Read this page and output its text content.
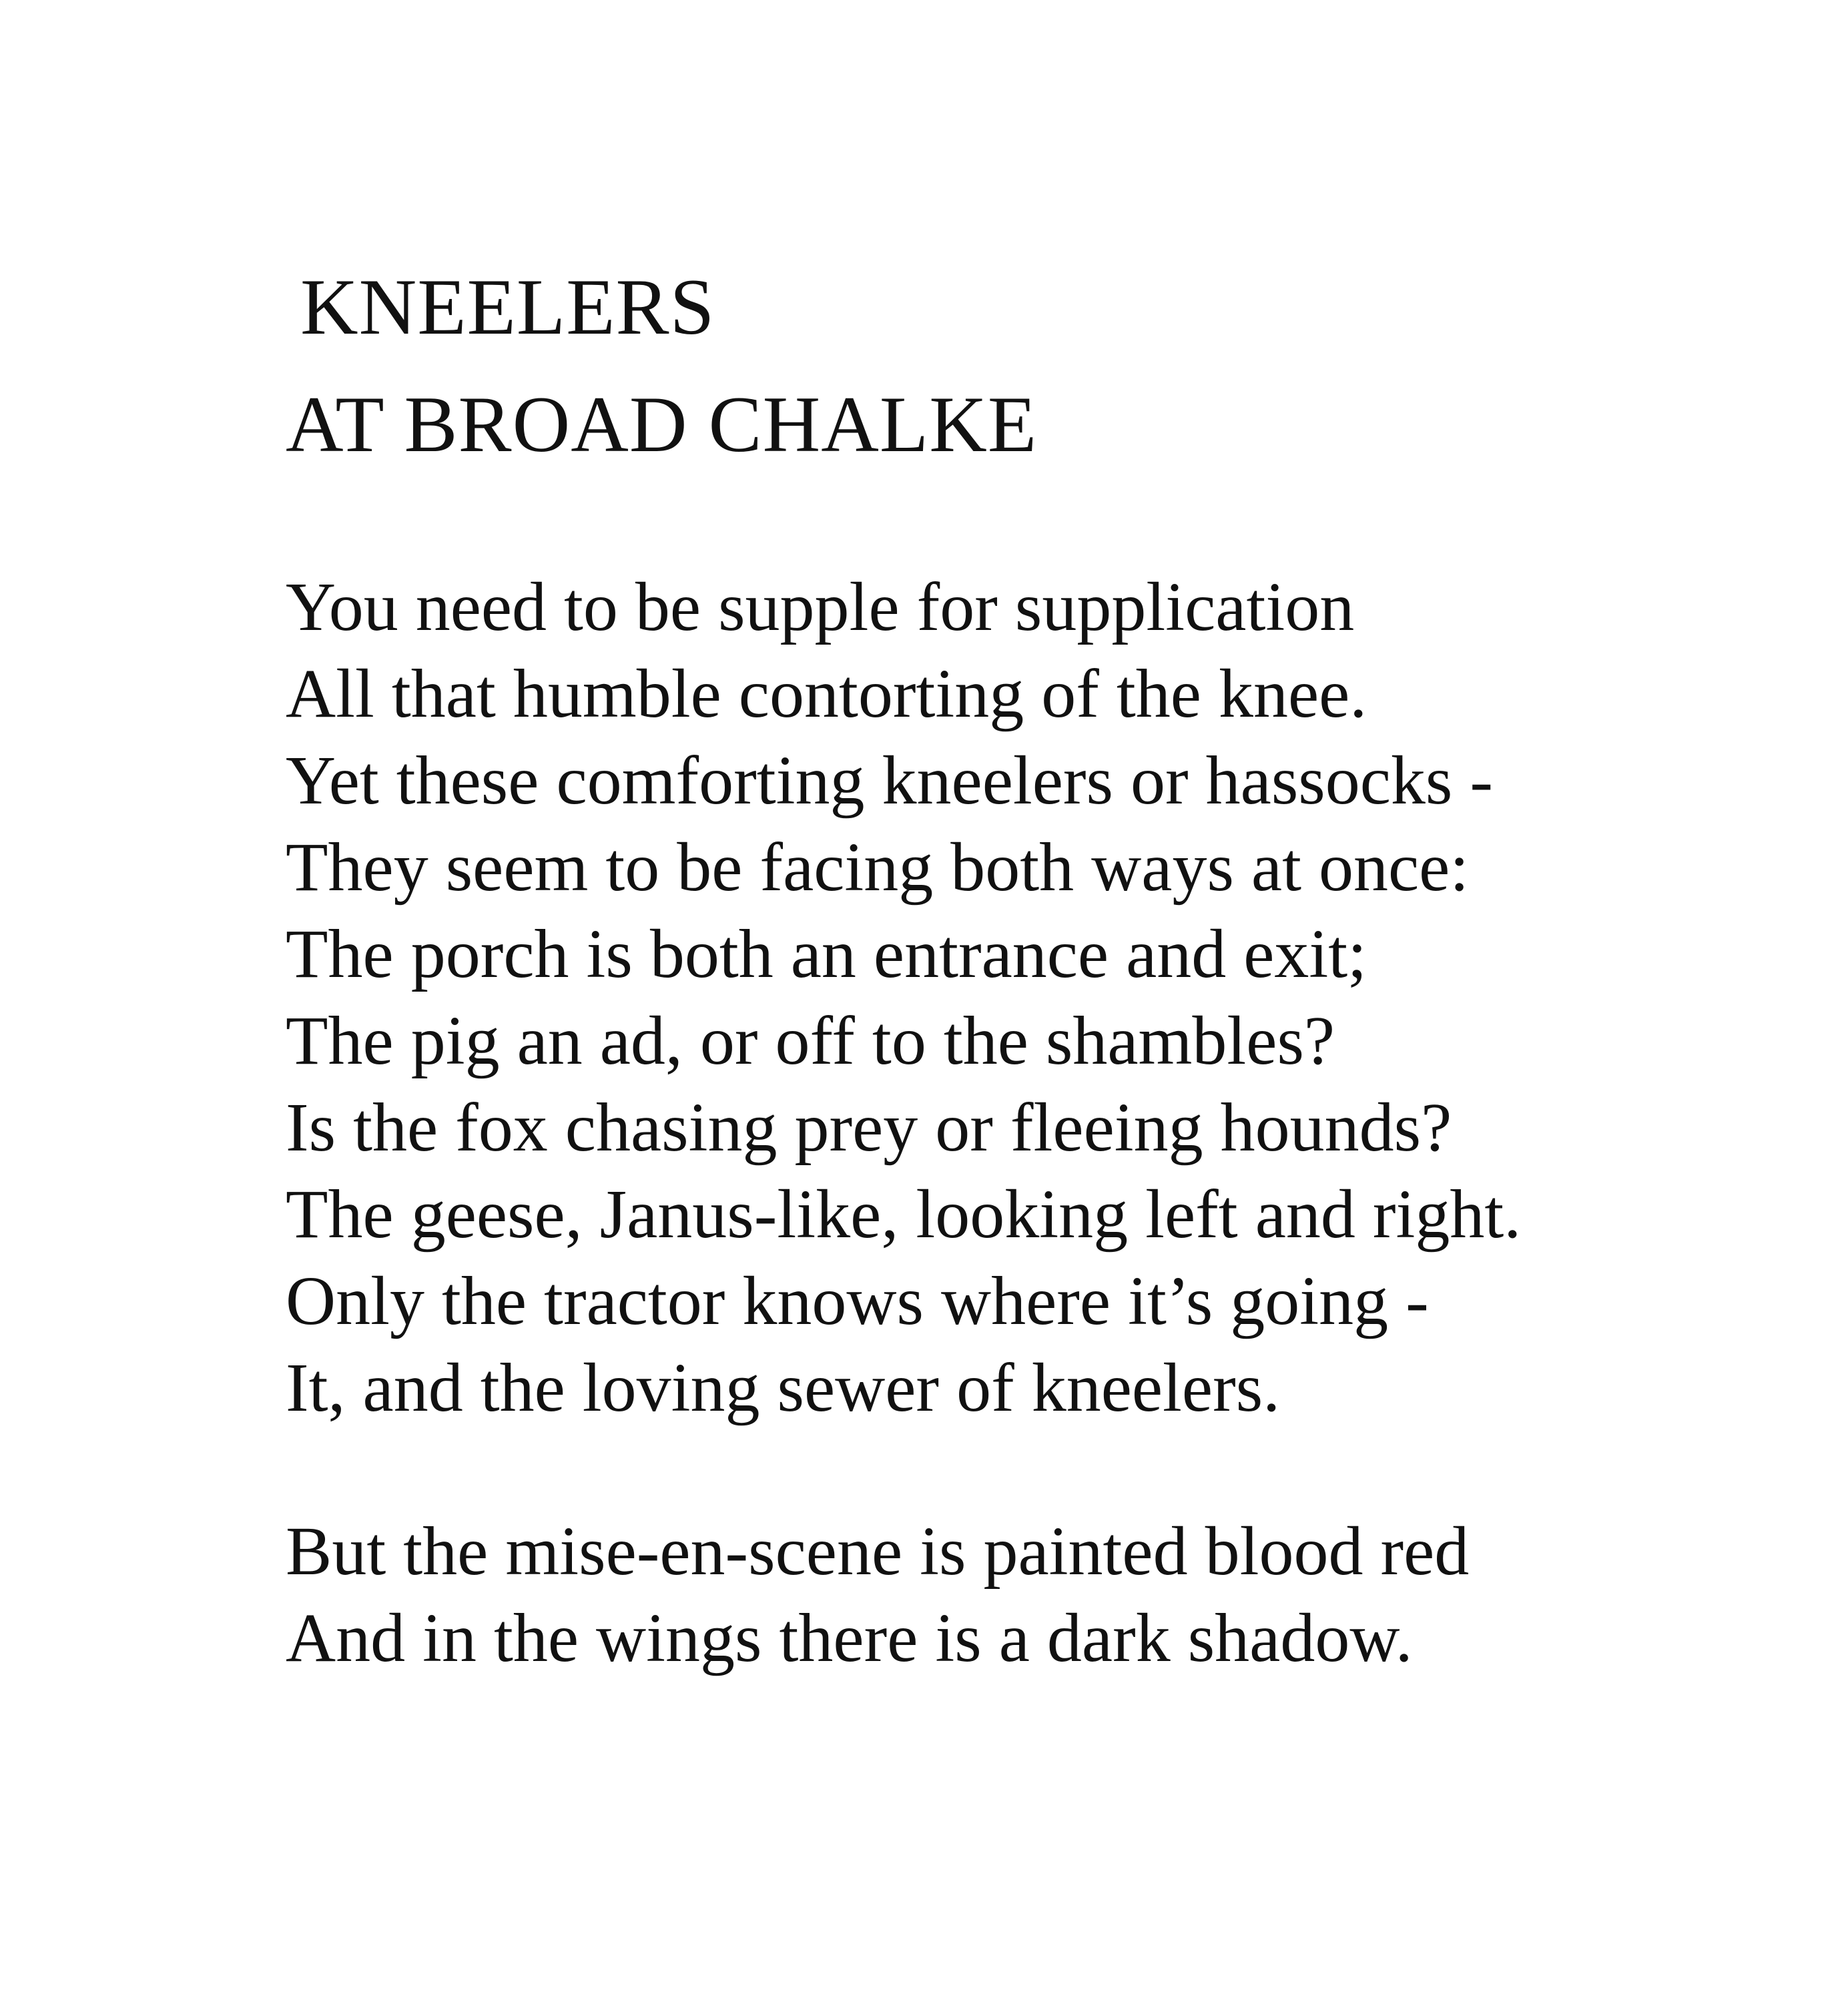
KNEELERS
AT BROAD CHALKE
You need to be supple for supplication
All that humble contorting of the knee.
Yet these comforting kneelers or hassocks -
They seem to be facing both ways at once:
The porch is both an entrance and exit;
The pig an ad, or off to the shambles?
Is the fox chasing prey or fleeing hounds?
The geese, Janus-like, looking left and right.
Only the tractor knows where it’s going -
It, and the loving sewer of kneelers.
But the mise-en-scene is painted blood red
And in the wings there is a dark shadow.
